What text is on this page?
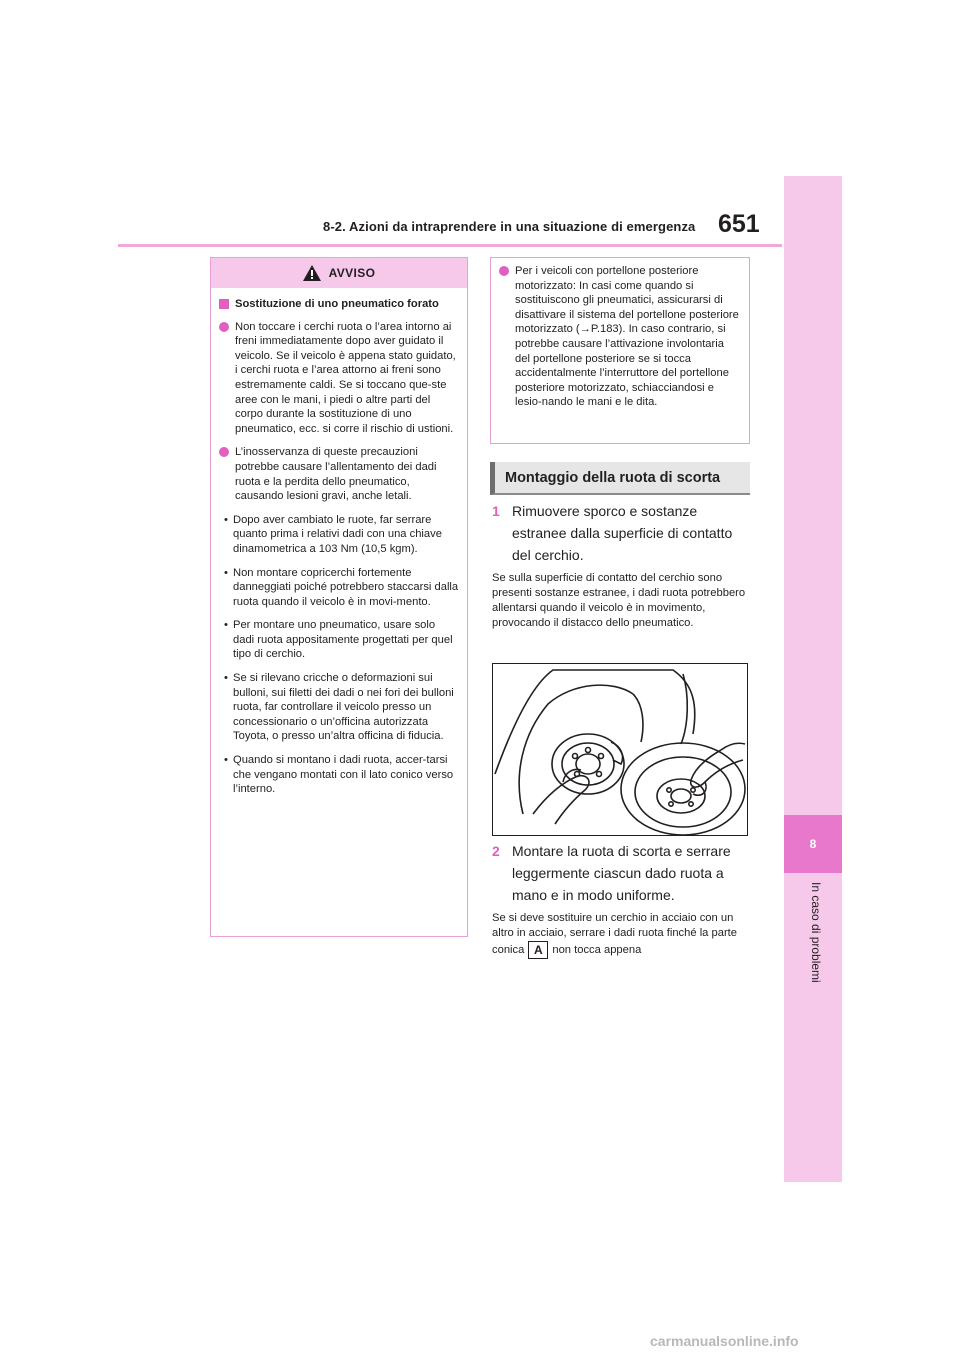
8-2. Azioni da intraprendere in una situazione di emergenza 651
8
In caso di problemi
AVVISO
Sostituzione di uno pneumatico forato
Non toccare i cerchi ruota o l’area intorno ai freni immediatamente dopo aver guidato il veicolo. Se il veicolo è appena stato guidato, i cerchi ruota e l’area attorno ai freni sono estremamente caldi. Se si toccano que-ste aree con le mani, i piedi o altre parti del corpo durante la sostituzione di uno pneumatico, ecc. si corre il rischio di ustioni.
L’inosservanza di queste precauzioni potrebbe causare l’allentamento dei dadi ruota e la perdita dello pneumatico, causando lesioni gravi, anche letali.
• Dopo aver cambiato le ruote, far serrare quanto prima i relativi dadi con una chiave dinamometrica a 103 Nm (10,5 kgm).
• Non montare copricerchi fortemente danneggiati poiché potrebbero staccarsi dalla ruota quando il veicolo è in movi-mento.
• Per montare uno pneumatico, usare solo dadi ruota appositamente progettati per quel tipo di cerchio.
• Se si rilevano cricche o deformazioni sui bulloni, sui filetti dei dadi o nei fori dei bulloni ruota, far controllare il veicolo presso un concessionario o un’officina autorizzata Toyota, o presso un’altra officina di fiducia.
• Quando si montano i dadi ruota, accer-tarsi che vengano montati con il lato conico verso l’interno.
Per i veicoli con portellone posteriore motorizzato: In casi come quando si sostituiscono gli pneumatici, assicurarsi di disattivare il sistema del portellone posteriore motorizzato (→P.183). In caso contrario, si potrebbe causare l’attivazione involontaria del portellone posteriore se si tocca accidentalmente l’interruttore del portellone posteriore motorizzato, schiacciandosi e lesio-nando le mani e le dita.
Montaggio della ruota di scorta
1 Rimuovere sporco e sostanze estranee dalla superficie di contatto del cerchio.
Se sulla superficie di contatto del cerchio sono presenti sostanze estranee, i dadi ruota potrebbero allentarsi quando il veicolo è in movimento, provocando il distacco dello pneumatico.
2 Montare la ruota di scorta e serrare leggermente ciascun dado ruota a mano e in modo uniforme.
Se si deve sostituire un cerchio in acciaio con un altro in acciaio, serrare i dadi ruota finché la parte conica A non tocca appena
carmanualsonline.info
